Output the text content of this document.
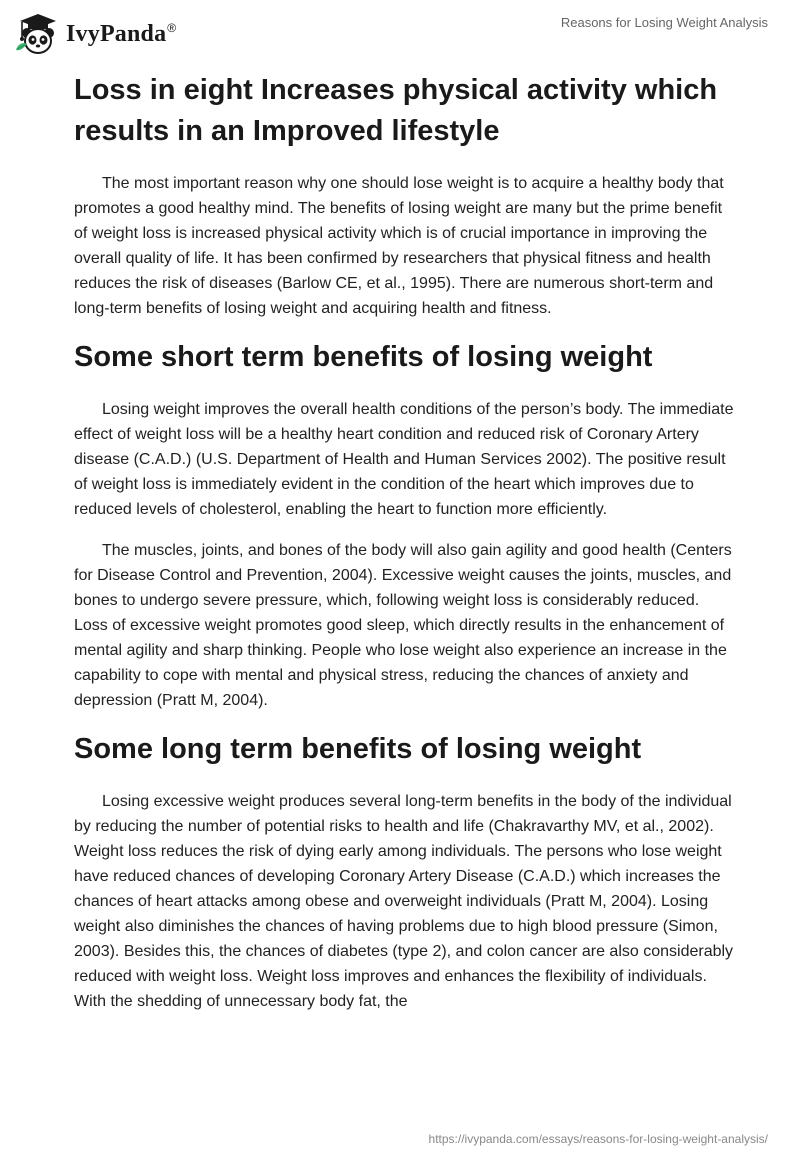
IvyPanda®	Reasons for Losing Weight Analysis
Loss in eight Increases physical activity which results in an Improved lifestyle

The most important reason why one should lose weight is to acquire a healthy body that promotes a good healthy mind. The benefits of losing weight are many but the prime benefit of weight loss is increased physical activity which is of crucial importance in improving the overall quality of life. It has been confirmed by researchers that physical fitness and health reduces the risk of diseases (Barlow CE, et al., 1995). There are numerous short-term and long-term benefits of losing weight and acquiring health and fitness.

Some short term benefits of losing weight

Losing weight improves the overall health conditions of the person’s body. The immediate effect of weight loss will be a healthy heart condition and reduced risk of Coronary Artery disease (C.A.D.) (U.S. Department of Health and Human Services 2002). The positive result of weight loss is immediately evident in the condition of the heart which improves due to reduced levels of cholesterol, enabling the heart to function more efficiently.

The muscles, joints, and bones of the body will also gain agility and good health (Centers for Disease Control and Prevention, 2004). Excessive weight causes the joints, muscles, and bones to undergo severe pressure, which, following weight loss is considerably reduced. Loss of excessive weight promotes good sleep, which directly results in the enhancement of mental agility and sharp thinking. People who lose weight also experience an increase in the capability to cope with mental and physical stress, reducing the chances of anxiety and depression (Pratt M, 2004).

Some long term benefits of losing weight

Losing excessive weight produces several long-term benefits in the body of the individual by reducing the number of potential risks to health and life (Chakravarthy MV, et al., 2002). Weight loss reduces the risk of dying early among individuals. The persons who lose weight have reduced chances of developing Coronary Artery Disease (C.A.D.) which increases the chances of heart attacks among obese and overweight individuals (Pratt M, 2004). Losing weight also diminishes the chances of having problems due to high blood pressure (Simon, 2003). Besides this, the chances of diabetes (type 2), and colon cancer are also considerably reduced with weight loss. Weight loss improves and enhances the flexibility of individuals. With the shedding of unnecessary body fat, the

https://ivypanda.com/essays/reasons-for-losing-weight-analysis/
